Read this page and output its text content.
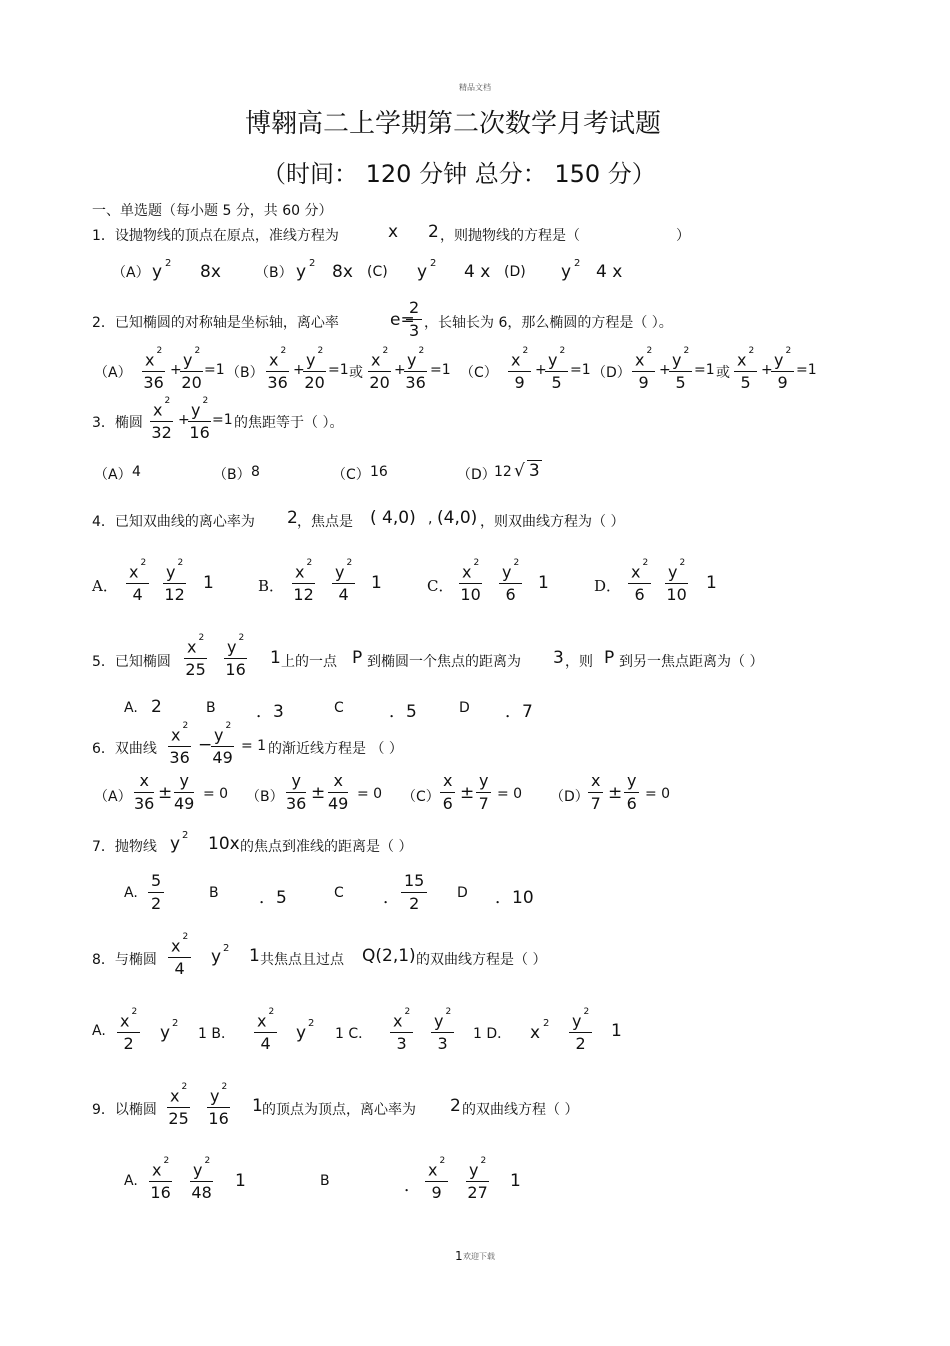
精品文档
博翱高二上学期第二次数学月考试题
（时间： 120 分钟 总分： 150 分）
一、单选题（每小题 5 分，共 60 分）
1．设抛物线的顶点在原点，准线方程为	x 2 ，则抛物线的方程是（	）
（A） y 2 8x （B） y 2 8x (C) y 2 4 x (D) y 2 4 x
2．已知椭圆的对称轴是坐标轴，离心率	e=
$\frac{2}{3}$ ，长轴长为 6，那么椭圆的方程是（ ）。
（A）
x $^2$
36
+
y $^2$
20
=1 （B）
x $^2$
36
+
y $^2$
20
=1 或
x $^2$
20
+
y $^2$
36
=1 （C）
x $^2$
9
+
y $^2$
5
=1 （D）
x $^2$
9
+
y $^2$
5
=1 或
x $^2$
5
+
y $^2$
9
=1
3．椭圆
x $^2$
32
+
y $^2$
16
=1 的焦距等于（ ）。
（A） 4	（B） 8	（C） 16	（D）
12 √ 3
4．已知双曲线的离心率为 2 ，焦点是 ( 4,0) , (4,0) ，则双曲线方程为（ ）
A．
x $^2$
4
y $^2$
12
1	B．
x $^2$
12
y $^2$
4
1	C．
x $^2$
10
y $^2$
6
1	D．
x $^2$
6
y $^2$
10
1
5．已知椭圆
x $^2$
25
y $^2$
16
1 上的一点 P 到椭圆一个焦点的距离为 3 ，则 P 到另一焦点距离为（ ）
A. 2	B ．3	C	．5	D ．7
6．双曲线
x $^2$
36
−
y $^2$
49
= 1 的渐近线方程是 （ ）
（A）
x
36
±
y
49 = 0 （B）
y
36
±
x
49 = 0 （C）
x
6
±
y
7 = 0 （D）
x
7
±
y
6 = 0
7．抛物线 y 2 10x 的焦点到准线的距离是（ ）
A.
5
2
B ．5	C ．
15
2
D ．10
8．与椭圆
x $^2$
4
y 2 1 共焦点且过点 Q(2,1) 的双曲线方程是（ ）
A.
x $^2$
2
y 2
1 B．
x $^2$
4
y 2
1 C．
x $^2$
3
y $^2$
3
1 D． x 2 y $^2$
2
1
9．以椭圆
x $^2$
25
y $^2$
16
1 的顶点为顶点，离心率为 2 的双曲线方程（ ）
A.
x $^2$
16
y $^2$
48
1	B	．
x $^2$
9
y $^2$
27
1
1 欢迎下载
